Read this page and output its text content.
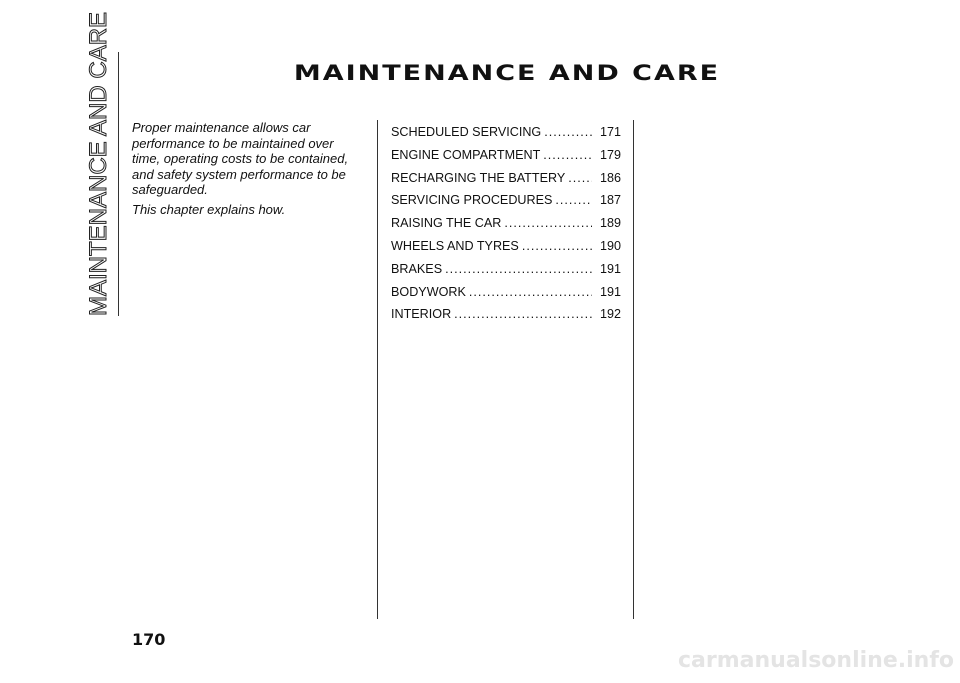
MAINTENANCE AND CARE	MAINTENANCE AND CARE

Proper maintenance allows car performance to be maintained over time, operating costs to be contained, and safety system performance to be safeguarded.

This chapter explains how.

SCHEDULED SERVICING .....	171
ENGINE COMPARTMENT .....	179
RECHARGING THE BATTERY .....	186
SERVICING PROCEDURES .....	187
RAISING THE CAR .....	189
WHEELS AND TYRES .....	190
BRAKES .....	191
BODYWORK .....	191
INTERIOR .....	192
170
carmanualsonline.info
